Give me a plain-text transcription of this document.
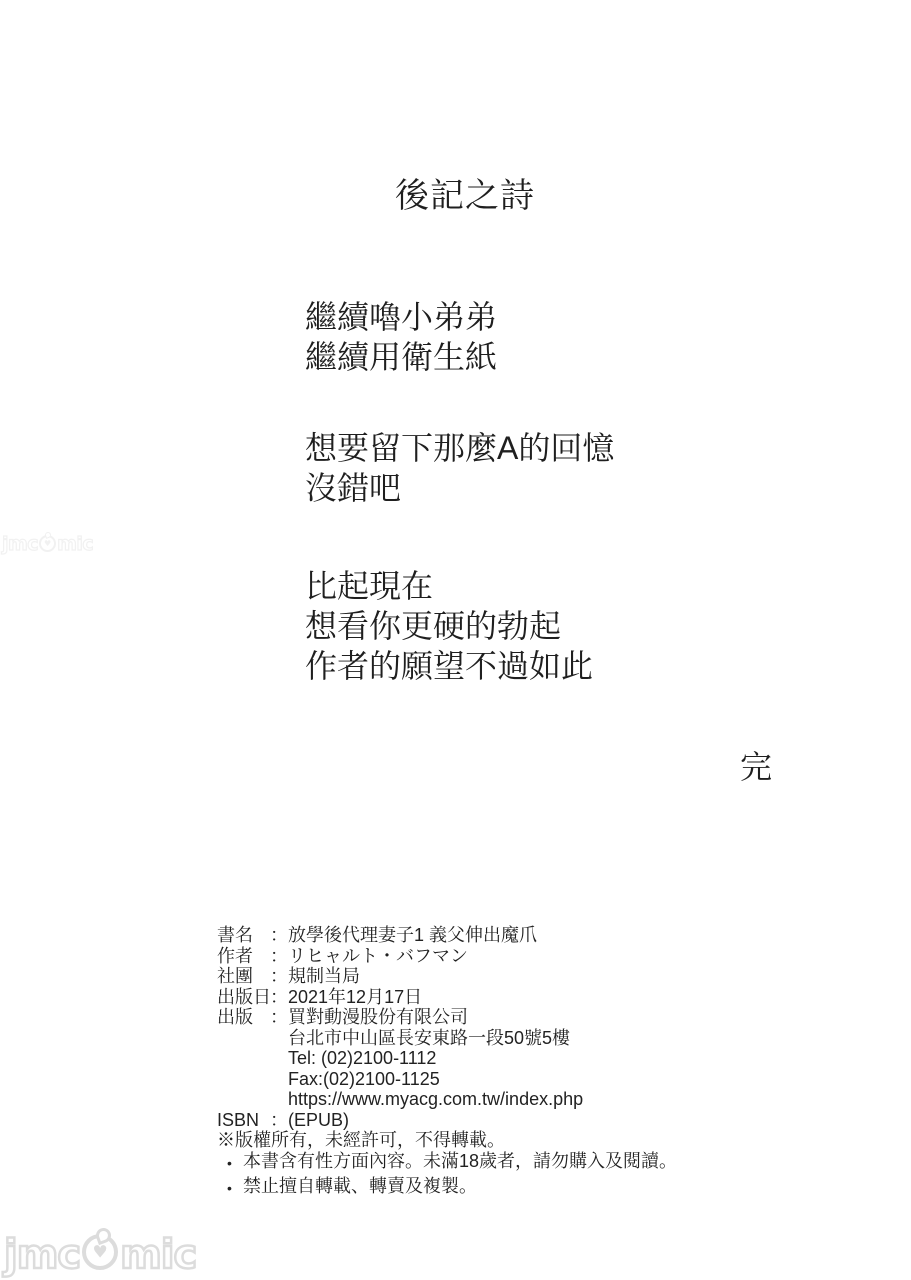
後記之詩
繼續嚕小弟弟
繼續用衛生紙
想要留下那麼A的回憶
沒錯吧
比起現在
想看你更硬的勃起
作者的願望不過如此
完
書名 ： 放學後代理妻子1 義父伸出魔爪
作者 ： リヒャルト・バフマン
社團 ： 規制当局
出版日 ： 2021年12月17日
出版 ： 買對動漫股份有限公司
台北市中山區長安東路一段50號5樓
Tel: (02)2100-1112
Fax:(02)2100-1125
https://www.myacg.com.tw/index.php
ISBN ： (EPUB)
※版權所有，未經許可，不得轉載。
• 本書含有性方面內容。未滿18歲者，請勿購入及閱讀。
• 禁止擅自轉載、轉賣及複製。
jmc ♥ mic
jmc ♥ mic
